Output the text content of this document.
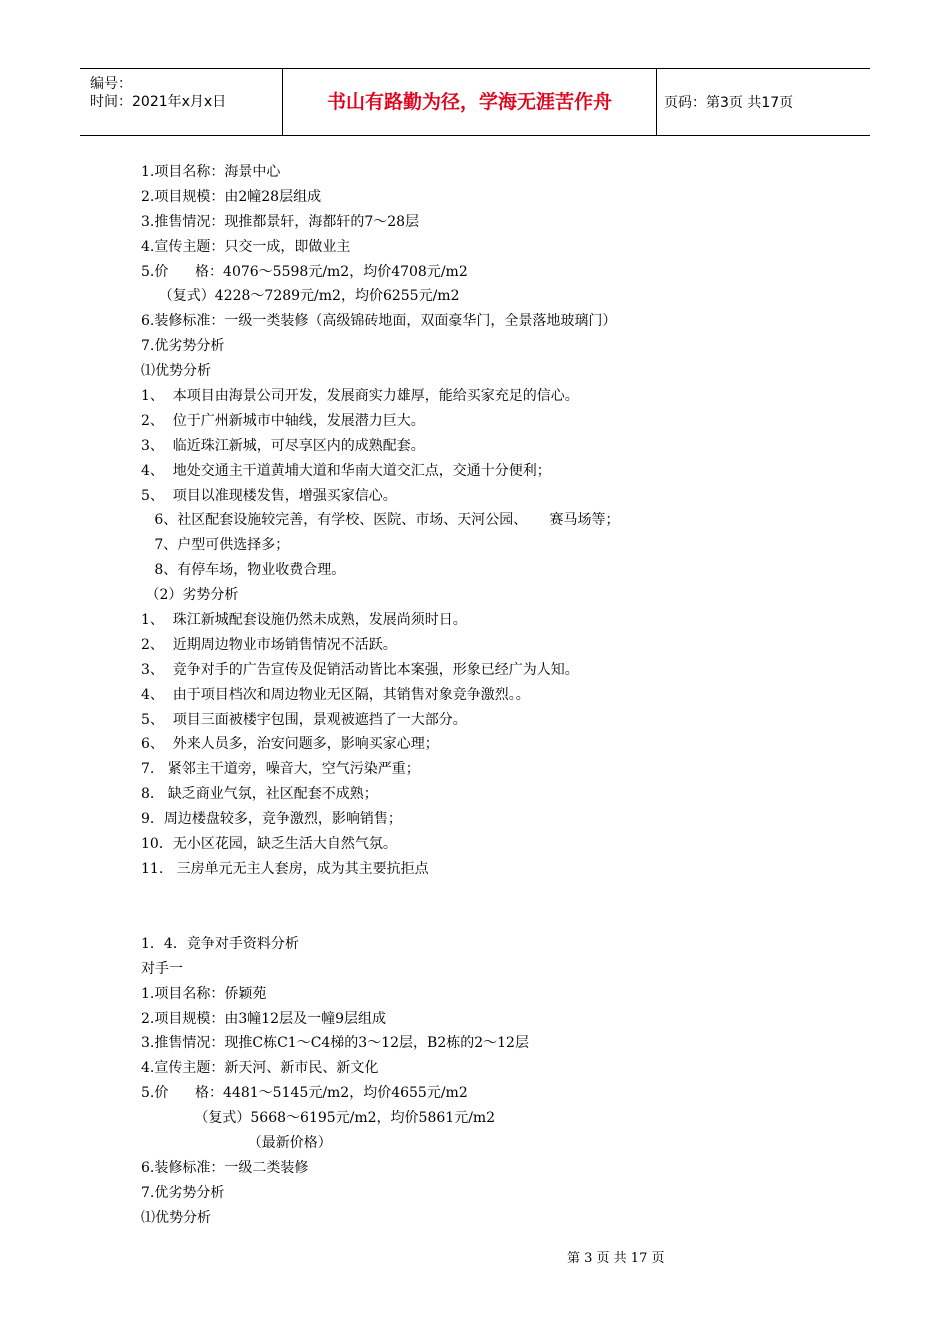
编号：
时间：2021年x月x日	书山有路勤为径，学海无涯苦作舟	页码：第3页 共17页
1.项目名称：海景中心
2.项目规模：由2幢28层组成
3.推售情况：现推都景轩，海都轩的7～28层
4.宣传主题：只交一成，即做业主
5.价      格：4076～5598元/m2，均价4708元/m2
（复式）4228～7289元/m2，均价6255元/m2
6.装修标准：一级一类装修（高级锦砖地面，双面豪华门，全景落地玻璃门）
7.优劣势分析
⑴优势分析
1、  本项目由海景公司开发，发展商实力雄厚，能给买家充足的信心。
2、  位于广州新城市中轴线，发展潜力巨大。
3、  临近珠江新城，可尽享区内的成熟配套。
4、  地处交通主干道黄埔大道和华南大道交汇点，交通十分便利；
5、  项目以准现楼发售，增强买家信心。
6、社区配套设施较完善，有学校、医院、市场、天河公园、     赛马场等；
7、户型可供选择多；
8、有停车场，物业收费合理。
（2）劣势分析
1、  珠江新城配套设施仍然未成熟，发展尚须时日。
2、  近期周边物业市场销售情况不活跃。
3、  竞争对手的广告宣传及促销活动皆比本案强，形象已经广为人知。
4、  由于项目档次和周边物业无区隔，其销售对象竞争激烈。。
5、  项目三面被楼宇包围，景观被遮挡了一大部分。
6、  外来人员多，治安问题多，影响买家心理；
7.   紧邻主干道旁，噪音大，空气污染严重；
8.   缺乏商业气氛，社区配套不成熟；
9．周边楼盘较多，竞争激烈，影响销售；
10．无小区花园，缺乏生活大自然气氛。
11.   三房单元无主人套房，成为其主要抗拒点
1．4．竞争对手资料分析
对手一
1.项目名称：侨颖苑
2.项目规模：由3幢12层及一幢9层组成
3.推售情况：现推C栋C1～C4梯的3～12层，B2栋的2～12层
4.宣传主题：新天河、新市民、新文化
5.价      格：4481～5145元/m2，均价4655元/m2
（复式）5668～6195元/m2，均价5861元/m2
（最新价格）
6.装修标准：一级二类装修
7.优劣势分析
⑴优势分析
第 3 页 共 17 页
